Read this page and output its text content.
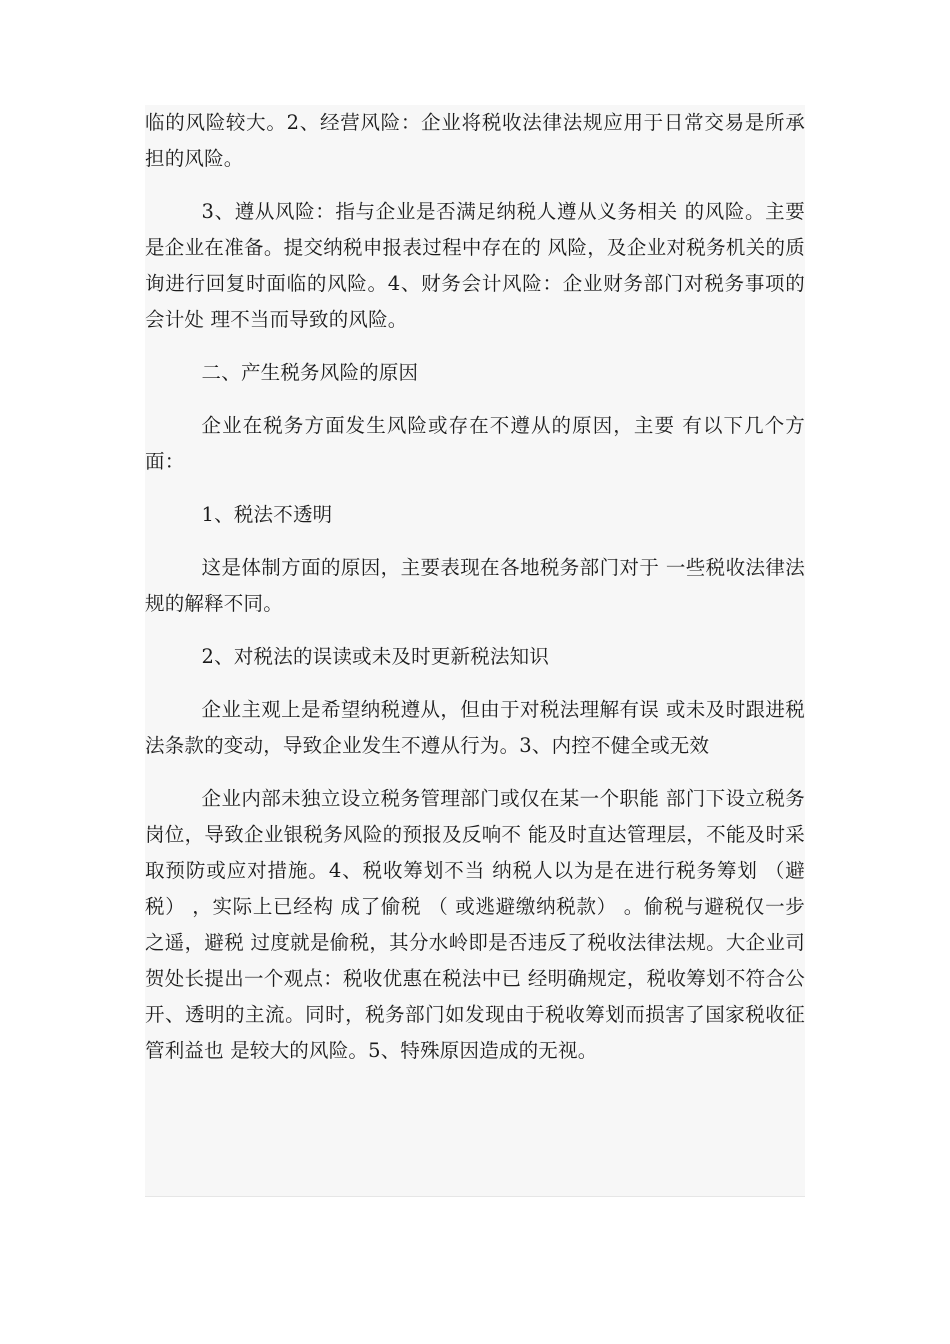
临的风险较大。2、经营风险：企业将税收法律法规应用于日常交易是所承担的风险。

3、遵从风险：指与企业是否满足纳税人遵从义务相关 的风险。主要是企业在准备。提交纳税申报表过程中存在的 风险，及企业对税务机关的质询进行回复时面临的风险。4、财务会计风险：企业财务部门对税务事项的会计处 理不当而导致的风险。

二、产生税务风险的原因

企业在税务方面发生风险或存在不遵从的原因，主要 有以下几个方面：

1、税法不透明

这是体制方面的原因，主要表现在各地税务部门对于 一些税收法律法规的解释不同。

2、对税法的误读或未及时更新税法知识

企业主观上是希望纳税遵从，但由于对税法理解有误 或未及时跟进税法条款的变动，导致企业发生不遵从行为。3、内控不健全或无效

企业内部未独立设立税务管理部门或仅在某一个职能 部门下设立税务岗位，导致企业银税务风险的预报及反响不 能及时直达管理层，不能及时采取预防或应对措施。4、税收筹划不当 纳税人以为是在进行税务筹划 （避税） ，实际上已经构 成了偷税 （ 或逃避缴纳税款） 。偷税与避税仅一步之遥，避税 过度就是偷税，其分水岭即是否违反了税收法律法规。大企业司贺处长提出一个观点：税收优惠在税法中已 经明确规定，税收筹划不符合公开、透明的主流。同时，税务部门如发现由于税收筹划而损害了国家税收征管利益也 是较大的风险。5、特殊原因造成的无视。
